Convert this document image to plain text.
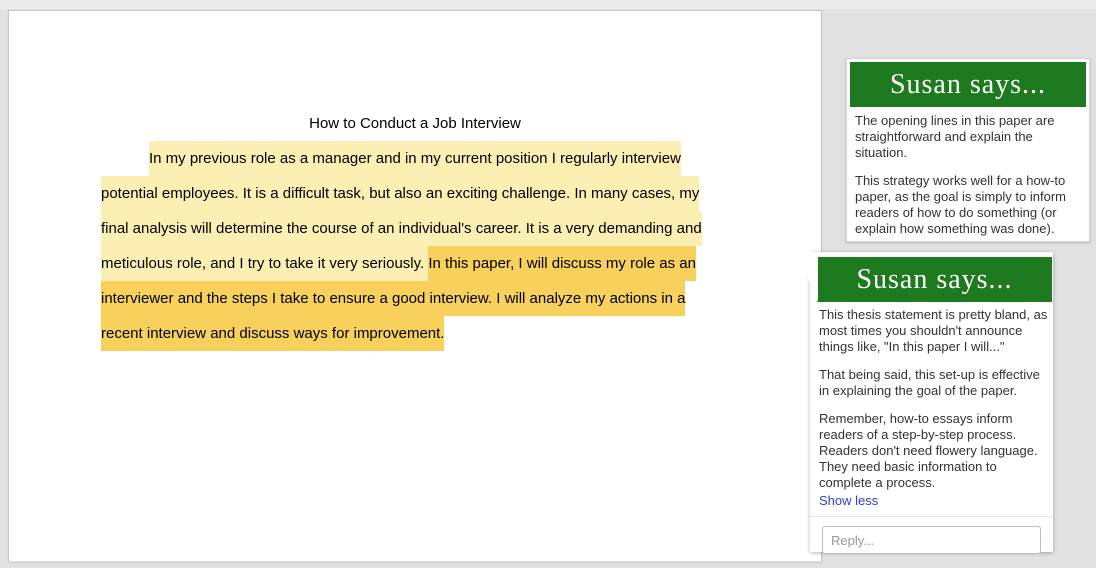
How to Conduct a Job Interview

In my previous role as a manager and in my current position I regularly interview potential employees. It is a difficult task, but also an exciting challenge. In many cases, my final analysis will determine the course of an individual's career. It is a very demanding and meticulous role, and I try to take it very seriously. In this paper, I will discuss my role as an interviewer and the steps I take to ensure a good interview. I will analyze my actions in a recent interview and discuss ways for improvement.

Susan says...

The opening lines in this paper are straightforward and explain the situation.

This strategy works well for a how-to paper, as the goal is simply to inform readers of how to do something (or explain how something was done).

Susan says...

This thesis statement is pretty bland, as most times you shouldn't announce things like, "In this paper I will..."

That being said, this set-up is effective in explaining the goal of the paper.

Remember, how-to essays inform readers of a step-by-step process. Readers don't need flowery language. They need basic information to complete a process.

Show less
Reply...
